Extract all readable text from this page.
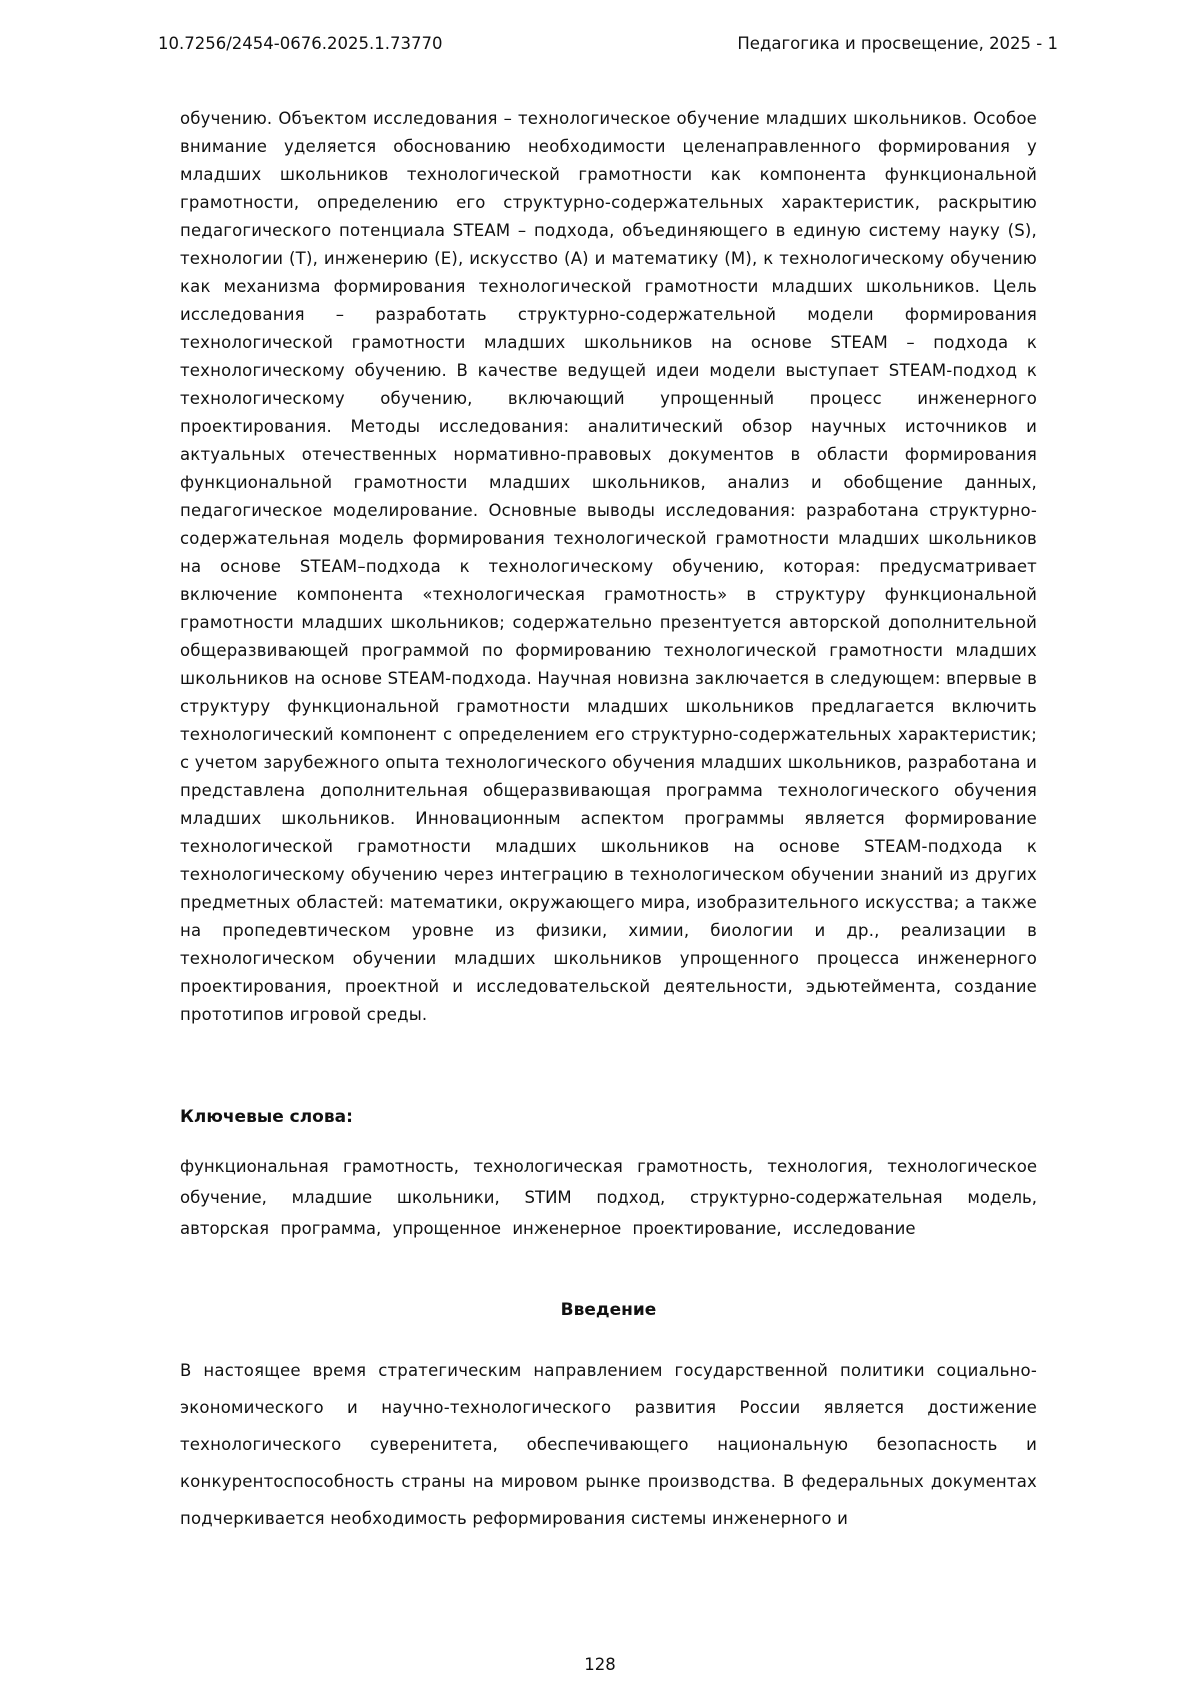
10.7256/2454-0676.2025.1.73770	Педагогика и просвещение, 2025 - 1

обучению. Объектом исследования – технологическое обучение младших школьников. Особое внимание уделяется обоснованию необходимости целенаправленного формирования у младших школьников технологической грамотности как компонента функциональной грамотности, определению его структурно-содержательных характеристик, раскрытию педагогического потенциала STEAM – подхода, объединяющего в единую систему науку (S), технологии (T), инженерию (E), искусство (A) и математику (M), к технологическому обучению как механизма формирования технологической грамотности младших школьников. Цель исследования – разработать структурно-содержательной модели формирования технологической грамотности младших школьников на основе STEAM – подхода к технологическому обучению. В качестве ведущей идеи модели выступает STEAM-подход к технологическому обучению, включающий упрощенный процесс инженерного проектирования. Методы исследования: аналитический обзор научных источников и актуальных отечественных нормативно-правовых документов в области формирования функциональной грамотности младших школьников, анализ и обобщение данных, педагогическое моделирование. Основные выводы исследования: разработана структурно-содержательная модель формирования технологической грамотности младших школьников на основе STEAM–подхода к технологическому обучению, которая: предусматривает включение компонента «технологическая грамотность» в структуру функциональной грамотности младших школьников; содержательно презентуется авторской дополнительной общеразвивающей программой по формированию технологической грамотности младших школьников на основе STEAM-подхода. Научная новизна заключается в следующем: впервые в структуру функциональной грамотности младших школьников предлагается включить технологический компонент с определением его структурно-содержательных характеристик; с учетом зарубежного опыта технологического обучения младших школьников, разработана и представлена дополнительная общеразвивающая программа технологического обучения младших школьников. Инновационным аспектом программы является формирование технологической грамотности младших школьников на основе STEAM-подхода к технологическому обучению через интеграцию в технологическом обучении знаний из других предметных областей: математики, окружающего мира, изобразительного искусства; а также на пропедевтическом уровне из физики, химии, биологии и др., реализации в технологическом обучении младших школьников упрощенного процесса инженерного проектирования, проектной и исследовательской деятельности, эдьютеймента, создание прототипов игровой среды.

Ключевые слова:

функциональная грамотность, технологическая грамотность, технология, технологическое обучение, младшие школьники, STИМ подход, структурно-содержательная модель, авторская программа, упрощенное инженерное проектирование, исследование

Введение

В настоящее время стратегическим направлением государственной политики социально-экономического и научно-технологического развития России является достижение технологического суверенитета, обеспечивающего национальную безопасность и конкурентоспособность страны на мировом рынке производства. В федеральных документах подчеркивается необходимость реформирования системы инженерного и

128
